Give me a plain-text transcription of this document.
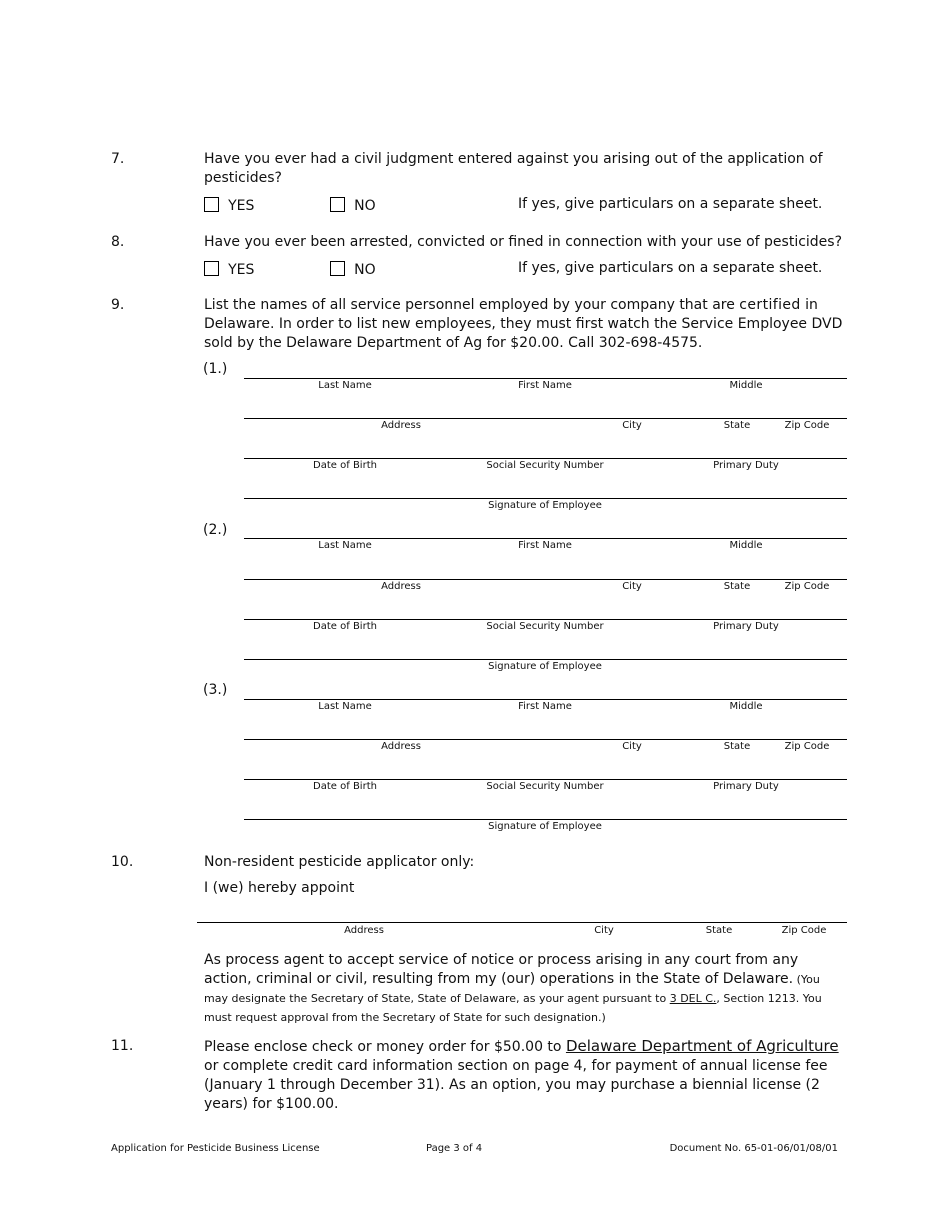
7.	Have you ever had a civil judgment entered against you arising out of the application of pesticides?
YES	NO	If yes, give particulars on a separate sheet.
8.	Have you ever been arrested, convicted or fined in connection with your use of pesticides?
YES	NO	If yes, give particulars on a separate sheet.
9.	List the names of all service personnel employed by your company that are certified in Delaware. In order to list new employees, they must first watch the Service Employee DVD sold by the Delaware Department of Ag for $20.00. Call 302-698-4575.
(1.)
Last Name	First Name	Middle
Address	City	State	Zip Code
Date of Birth	Social Security Number	Primary Duty
Signature of Employee
(2.)
Last Name	First Name	Middle
Address	City	State	Zip Code
Date of Birth	Social Security Number	Primary Duty
Signature of Employee
(3.)
Last Name	First Name	Middle
Address	City	State	Zip Code
Date of Birth	Social Security Number	Primary Duty
Signature of Employee
10.	Non-resident pesticide applicator only:
I (we) hereby appoint
Address	City	State	Zip Code
As process agent to accept service of notice or process arising in any court from any action, criminal or civil, resulting from my (our) operations in the State of Delaware. (You may designate the Secretary of State, State of Delaware, as your agent pursuant to 3 DEL C., Section 1213. You must request approval from the Secretary of State for such designation.)
11.	Please enclose check or money order for $50.00 to Delaware Department of Agriculture or complete credit card information section on page 4, for payment of annual license fee (January 1 through December 31). As an option, you may purchase a biennial license (2 years) for $100.00.
Application for Pesticide Business License	Page 3 of 4	Document No. 65-01-06/01/08/01
